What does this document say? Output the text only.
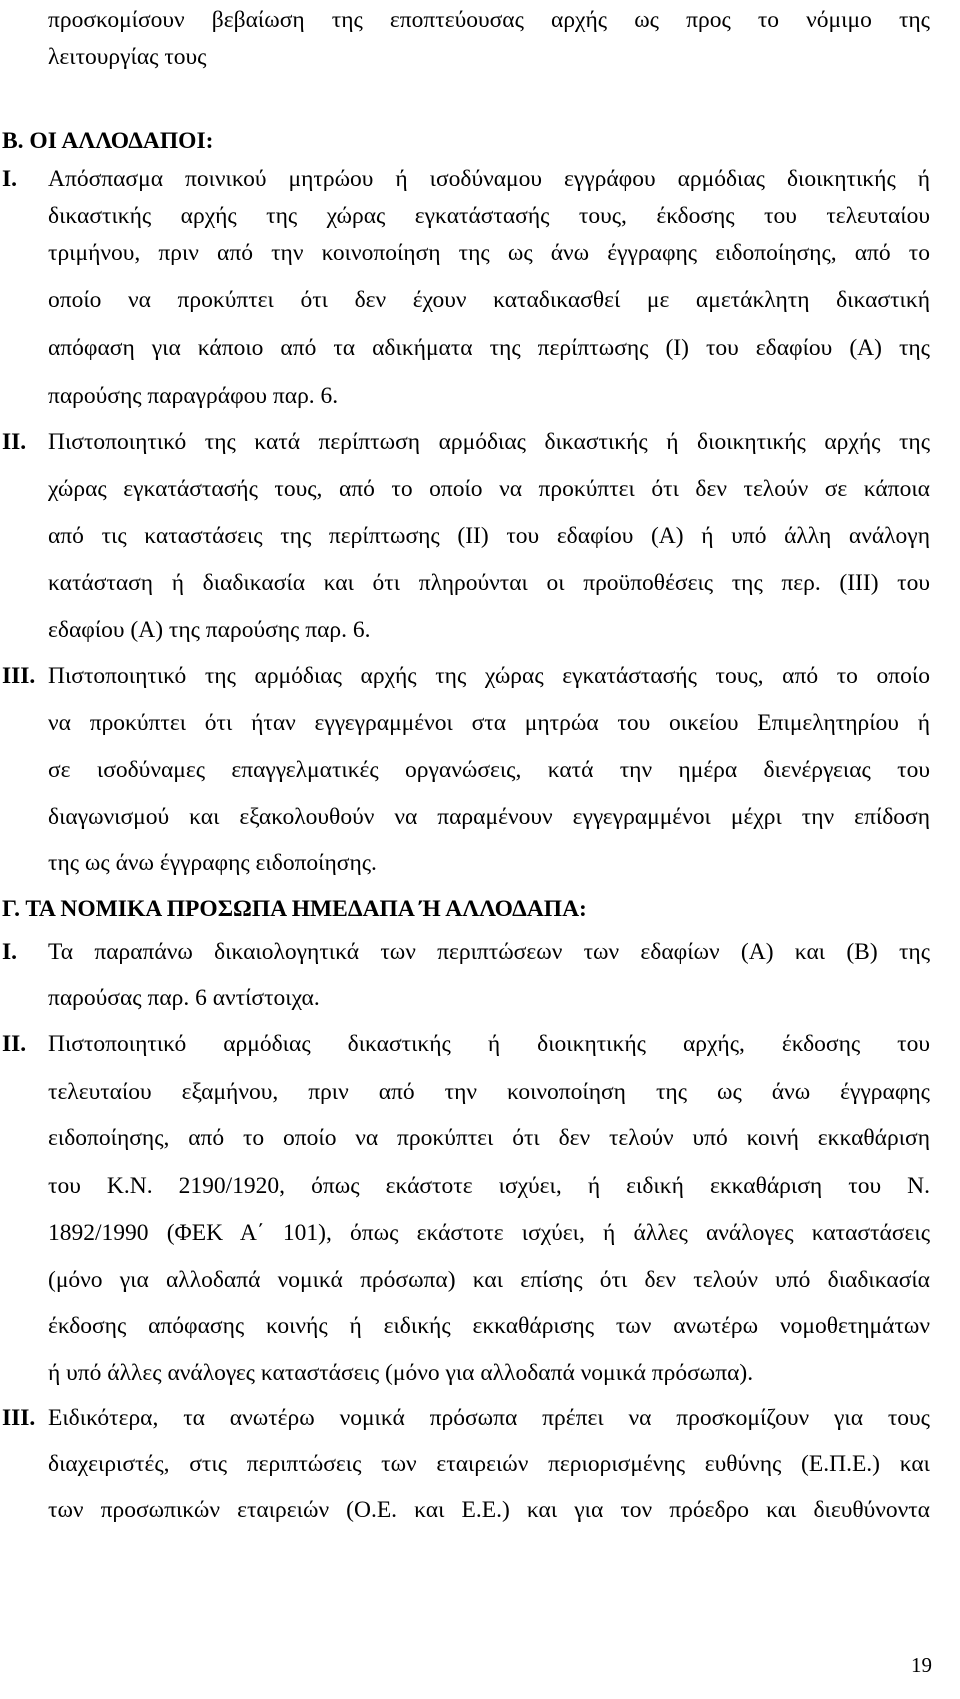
προσκομίσουν βεβαίωση της εποπτεύουσας αρχής ως προς το νόμιμο της
λειτουργίας τους
Β. ΟΙ ΑΛΛΟΔΑΠΟΙ:
Ι. Απόσπασμα ποινικού μητρώου ή ισοδύναμου εγγράφου αρμόδιας διοικητικής ή
δικαστικής αρχής της χώρας εγκατάστασής τους, έκδοσης του τελευταίου
τριμήνου, πριν από την κοινοποίηση της ως άνω έγγραφης ειδοποίησης, από το
οποίο να προκύπτει ότι δεν έχουν καταδικασθεί με αμετάκλητη δικαστική
απόφαση για κάποιο από τα αδικήματα της περίπτωσης (Ι) του εδαφίου (Α) της
παρούσης παραγράφου παρ. 6.
ΙΙ. Πιστοποιητικό της κατά περίπτωση αρμόδιας δικαστικής ή διοικητικής αρχής της
χώρας εγκατάστασής τους, από το οποίο να προκύπτει ότι δεν τελούν σε κάποια
από τις καταστάσεις της περίπτωσης (ΙΙ) του εδαφίου (Α) ή υπό άλλη ανάλογη
κατάσταση ή διαδικασία και ότι πληρούνται οι προϋποθέσεις της περ. (ΙΙΙ) του
εδαφίου (Α) της παρούσης παρ. 6.
ΙΙΙ. Πιστοποιητικό της αρμόδιας αρχής της χώρας εγκατάστασής τους, από το οποίο
να προκύπτει ότι ήταν εγγεγραμμένοι στα μητρώα του οικείου Επιμελητηρίου ή
σε ισοδύναμες επαγγελματικές οργανώσεις, κατά την ημέρα διενέργειας του
διαγωνισμού και εξακολουθούν να παραμένουν εγγεγραμμένοι μέχρι την επίδοση
της ως άνω έγγραφης ειδοποίησης.
Γ. ΤΑ ΝΟΜΙΚΑ ΠΡΟΣΩΠΑ ΗΜΕΔΑΠΑ Ή ΑΛΛΟΔΑΠΑ:
Ι. Τα παραπάνω δικαιολογητικά των περιπτώσεων των εδαφίων (Α) και (Β) της
παρούσας παρ. 6 αντίστοιχα.
ΙΙ. Πιστοποιητικό αρμόδιας δικαστικής ή διοικητικής αρχής, έκδοσης του
τελευταίου εξαμήνου, πριν από την κοινοποίηση της ως άνω έγγραφης
ειδοποίησης, από το οποίο να προκύπτει ότι δεν τελούν υπό κοινή εκκαθάριση
του Κ.Ν. 2190/1920, όπως εκάστοτε ισχύει, ή ειδική εκκαθάριση του Ν.
1892/1990 (ΦΕΚ Α΄ 101), όπως εκάστοτε ισχύει, ή άλλες ανάλογες καταστάσεις
(μόνο για αλλοδαπά νομικά πρόσωπα) και επίσης ότι δεν τελούν υπό διαδικασία
έκδοσης απόφασης κοινής ή ειδικής εκκαθάρισης των ανωτέρω νομοθετημάτων
ή υπό άλλες ανάλογες καταστάσεις (μόνο για αλλοδαπά νομικά πρόσωπα).
ΙΙΙ. Ειδικότερα, τα ανωτέρω νομικά πρόσωπα πρέπει να προσκομίζουν για τους
διαχειριστές, στις περιπτώσεις των εταιρειών περιορισμένης ευθύνης (Ε.Π.Ε.) και
των προσωπικών εταιρειών (Ο.Ε. και Ε.Ε.) και για τον πρόεδρο και διευθύνοντα
19
